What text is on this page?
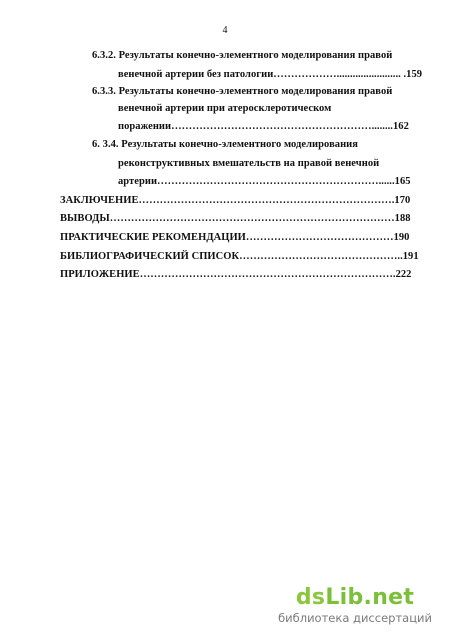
4
6.3.2. Результаты конечно-элементного моделирования правой
венечной артерии без патологии………………........................ .159
6.3.3. Результаты конечно-элементного моделирования правой
венечной артерии при атеросклеротическом
поражении…………………………………………………........162
6. 3.4. Результаты конечно-элементного моделирования
реконструктивных вмешательств на правой венечной
артерии………………………………………………………......165
ЗАКЛЮЧЕНИЕ……………………………………………………………….170
ВЫВОДЫ………………………………………………………………………188
ПРАКТИЧЕСКИЕ РЕКОМЕНДАЦИИ……………………………………190
БИБЛИОГРАФИЧЕСКИЙ СПИСОК………………………………………..191
ПРИЛОЖЕНИЕ……………………………………………………………….222
dsLib.net
библиотека диссертаций
